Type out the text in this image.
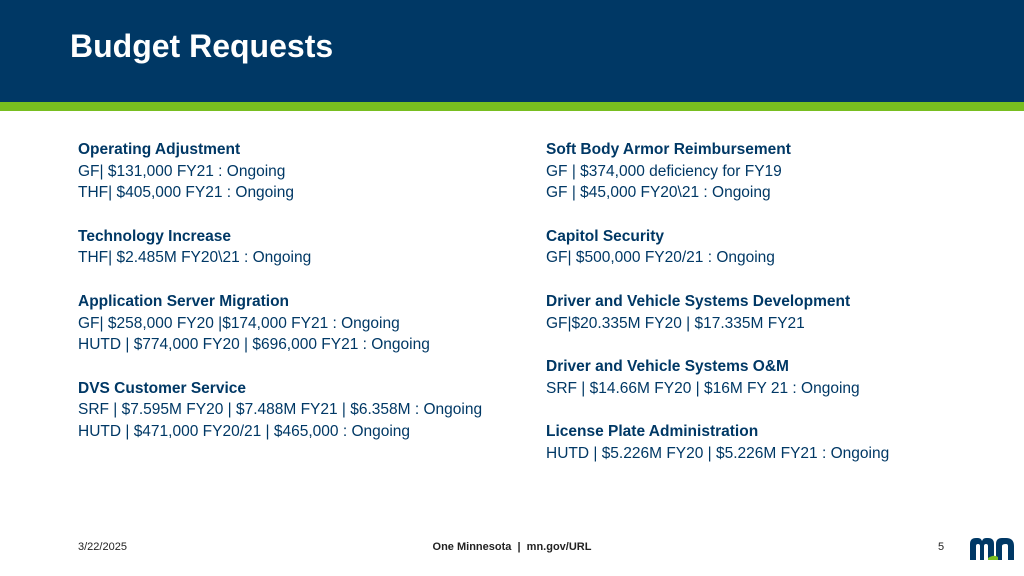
Budget Requests
Operating Adjustment
GF| $131,000 FY21 : Ongoing
THF| $405,000 FY21 : Ongoing
Technology Increase
THF| $2.485M FY20\21 : Ongoing
Application Server Migration
GF| $258,000 FY20 |$174,000 FY21 : Ongoing
HUTD | $774,000 FY20 | $696,000 FY21 : Ongoing
DVS Customer Service
SRF | $7.595M FY20 | $7.488M FY21 | $6.358M : Ongoing
HUTD | $471,000 FY20/21 | $465,000 : Ongoing
Soft Body Armor Reimbursement
GF | $374,000 deficiency for FY19
GF | $45,000 FY20\21 : Ongoing
Capitol Security
GF| $500,000 FY20/21 : Ongoing
Driver and Vehicle Systems Development
GF|$20.335M FY20 | $17.335M FY21
Driver and Vehicle Systems O&M
SRF | $14.66M FY20 | $16M FY 21 : Ongoing
License Plate Administration
HUTD | $5.226M FY20 | $5.226M FY21 : Ongoing
3/22/2025	One Minnesota  |  mn.gov/URL	5
